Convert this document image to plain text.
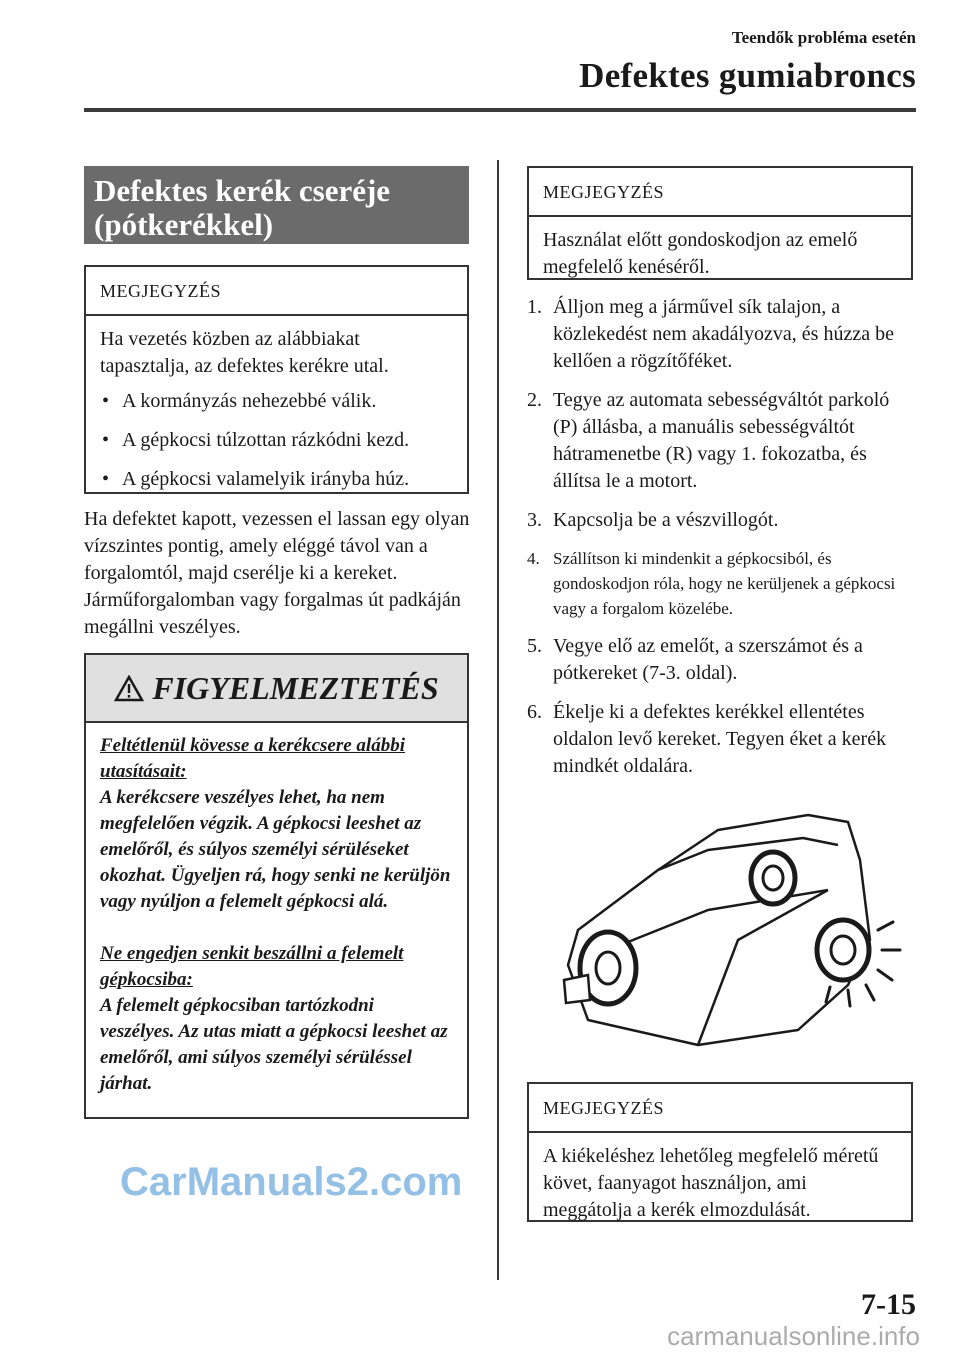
Teendők probléma esetén
Defektes gumiabroncs
Defektes kerék cseréje (pótkerékkel)
MEGJEGYZÉS
Ha vezetés közben az alábbiakat tapasztalja, az defektes kerékre utal.
• A kormányzás nehezebbé válik.
• A gépkocsi túlzottan rázkódni kezd.
• A gépkocsi valamelyik irányba húz.
Ha defektet kapott, vezessen el lassan egy olyan vízszintes pontig, amely eléggé távol van a forgalomtól, majd cserélje ki a kereket. Járműforgalomban vagy forgalmas út padkáján megállni veszélyes.
FIGYELMEZTETÉS

Feltétlenül kövesse a kerékcsere alábbi utasításait:

A kerékcsere veszélyes lehet, ha nem megfelelően végzik. A gépkocsi leeshet az emelőről, és súlyos személyi sérüléseket okozhat. Ügyeljen rá, hogy senki ne kerüljön vagy nyúljon a felemelt gépkocsi alá.

Ne engedjen senkit beszállni a felemelt gépkocsiba:

A felemelt gépkocsiban tartózkodni veszélyes. Az utas miatt a gépkocsi leeshet az emelőről, ami súlyos személyi sérüléssel járhat.

MEGJEGYZÉS
Használat előtt gondoskodjon az emelő megfelelő kenéséről.
1. Álljon meg a járművel sík talajon, a közlekedést nem akadályozva, és húzza be kellően a rögzítőféket.
2. Tegye az automata sebességváltót parkoló (P) állásba, a manuális sebességváltót hátramenetbe (R) vagy 1. fokozatba, és állítsa le a motort.
3. Kapcsolja be a vészvillogót.
4. Szállítson ki mindenkit a gépkocsiból, és gondoskodjon róla, hogy ne kerüljenek a gépkocsi vagy a forgalom közelébe.
5. Vegye elő az emelőt, a szerszámot és a pótkereket (7-3. oldal).
6. Ékelje ki a defektes kerékkel ellentétes oldalon levő kereket. Tegyen éket a kerék mindkét oldalára.
MEGJEGYZÉS
A kiékeléshez lehetőleg megfelelő méretű követ, faanyagot használjon, ami meggátolja a kerék elmozdulását.
7-15
CarManuals2.com
carmanualsonline.info
